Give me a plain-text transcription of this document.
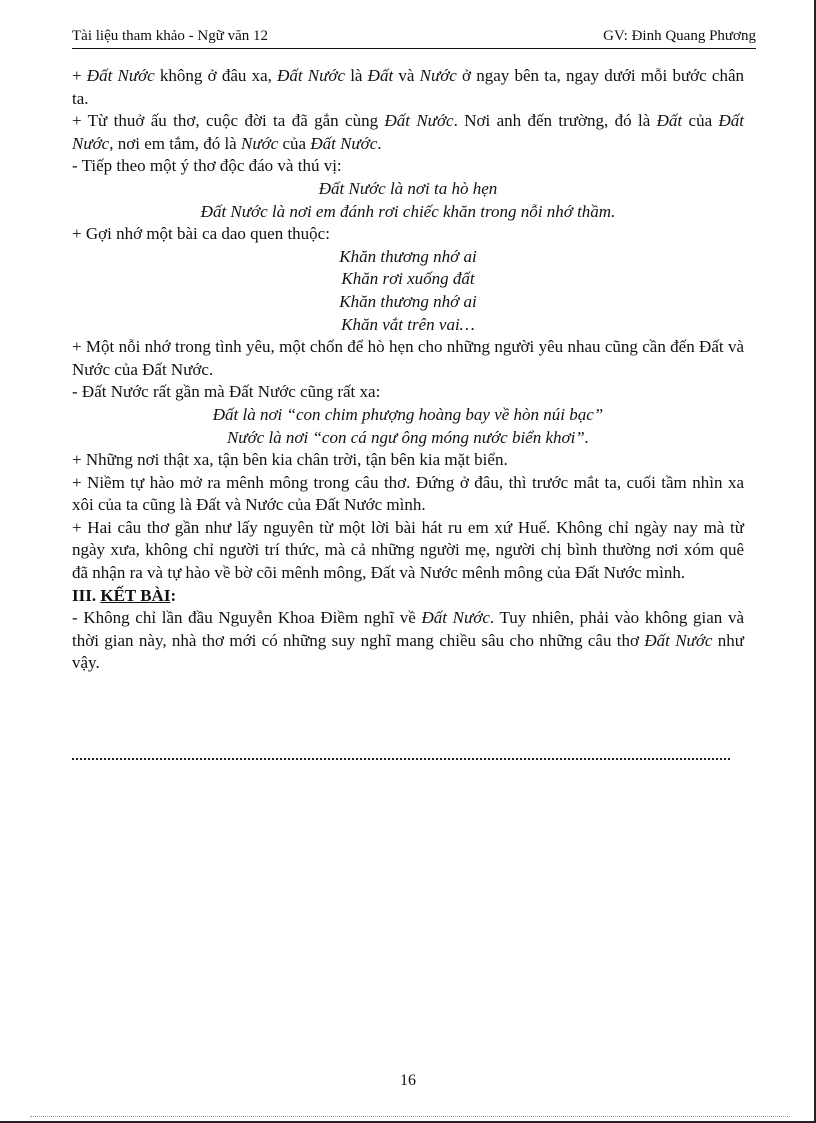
Tài liệu tham khảo - Ngữ văn 12	GV: Đinh Quang Phương

+ Đất Nước không ở đâu xa, Đất Nước là Đất và Nước ở ngay bên ta, ngay dưới mỗi bước chân ta.

+ Từ thuở ấu thơ, cuộc đời ta đã gắn cùng Đất Nước. Nơi anh đến trường, đó là Đất của Đất Nước, nơi em tắm, đó là Nước của Đất Nước.

- Tiếp theo một ý thơ độc đáo và thú vị:

Đất Nước là nơi ta hò hẹn

Đất Nước là nơi em đánh rơi chiếc khăn trong nỗi nhớ thầm.

+ Gợi nhớ một bài ca dao quen thuộc:

Khăn thương nhớ ai

Khăn rơi xuống đất

Khăn thương nhớ ai

Khăn vắt trên vai…

+ Một nỗi nhớ trong tình yêu, một chốn để hò hẹn cho những người yêu nhau cũng cần đến Đất và Nước của Đất Nước.

- Đất Nước rất gần mà Đất Nước cũng rất xa:

Đất là nơi “con chim phượng hoàng bay về hòn núi bạc”

Nước là nơi “con cá ngư ông móng nước biển khơi”.

+ Những nơi thật xa, tận bên kia chân trời, tận bên kia mặt biển.

+ Niềm tự hào mở ra mênh mông trong câu thơ. Đứng ở đâu, thì trước mắt ta, cuối tầm nhìn xa xôi của ta cũng là Đất và Nước của Đất Nước mình.

+ Hai câu thơ gần như lấy nguyên từ một lời bài hát ru em xứ Huế. Không chỉ ngày nay mà từ ngày xưa, không chỉ người trí thức, mà cả những người mẹ, người chị bình thường nơi xóm quê đã nhận ra và tự hào về bờ cõi mênh mông, Đất và Nước mênh mông của Đất Nước mình.

III. KẾT BÀI:

- Không chỉ lần đầu Nguyễn Khoa Điềm nghĩ về Đất Nước. Tuy nhiên, phải vào không gian và thời gian này, nhà thơ mới có những suy nghĩ mang chiều sâu cho những câu thơ Đất Nước như vậy.

16
